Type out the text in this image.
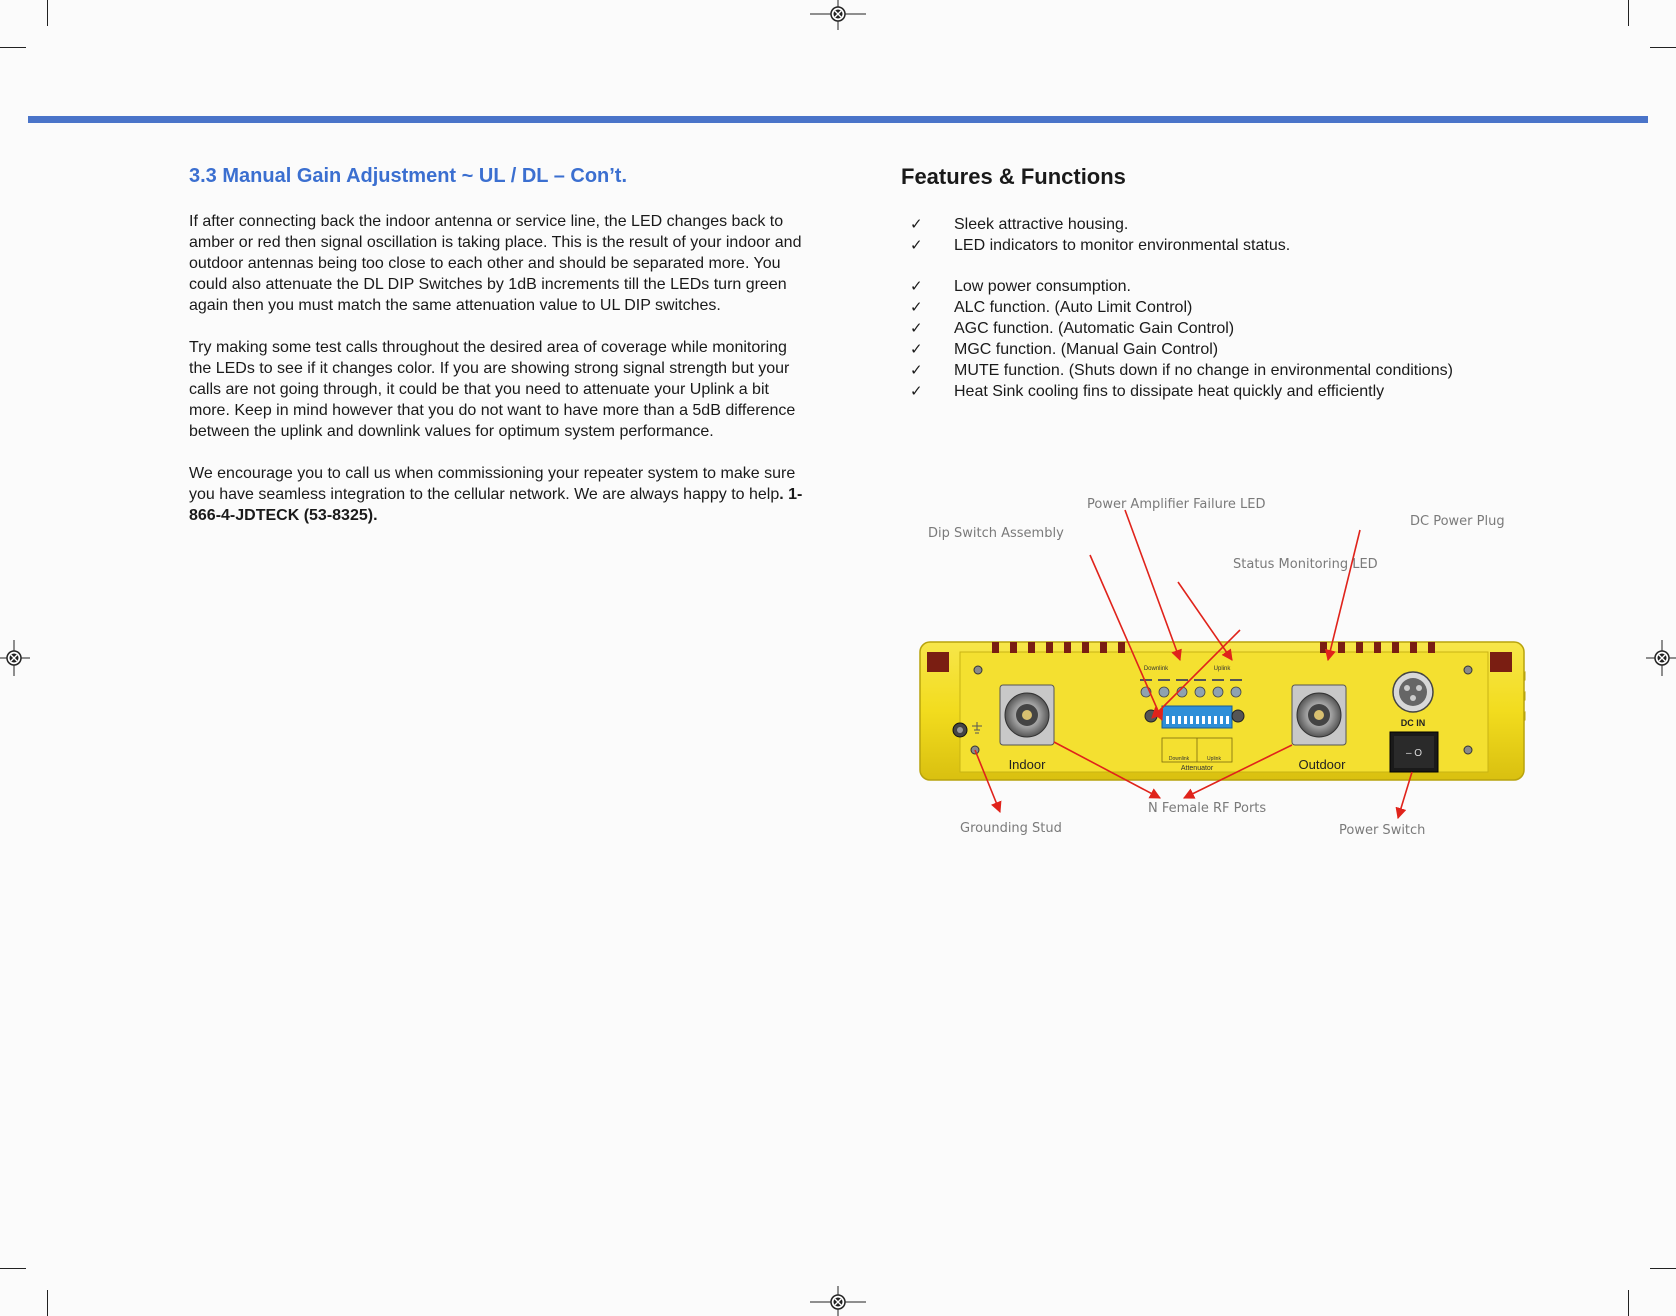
3.3 Manual Gain Adjustment ~ UL / DL – Con’t.

If after connecting back the indoor antenna or service line, the LED changes back to amber or red then signal oscillation is taking place. This is the result of your indoor and outdoor antennas being too close to each other and should be separated more. You could also attenuate the DL DIP Switches by 1dB increments till the LEDs turn green again then you must match the same attenuation value to UL DIP switches.

Try making some test calls throughout the desired area of coverage while monitoring the LEDs to see if it changes color. If you are showing strong signal strength but your calls are not going through, it could be that you need to attenuate your Uplink a bit more. Keep in mind however that you do not want to have more than a 5dB difference between the uplink and downlink values for optimum system performance.

We encourage you to call us when commissioning your repeater system to make sure you have seamless integration to the cellular network. We are always happy to help. 1-866-4-JDTECK (53-8325).

Features & Functions
✓	Sleek attractive housing.
✓	LED indicators to monitor environmental status.
✓	Low power consumption.
✓	ALC function. (Auto Limit Control)
✓	AGC function. (Automatic Gain Control)
✓	MGC function. (Manual Gain Control)
✓	MUTE function. (Shuts down if no change in environmental conditions)
✓	Heat Sink cooling fins to dissipate heat quickly and efficiently
Indoor	Outdoor
Downlink	Uplink
Downlink	Uplink
Attenuator
DC IN
– O
Power Amplifier Failure LED
Dip Switch Assembly
DC Power Plug
Status Monitoring LED
Grounding Stud
N Female RF Ports
Power Switch
